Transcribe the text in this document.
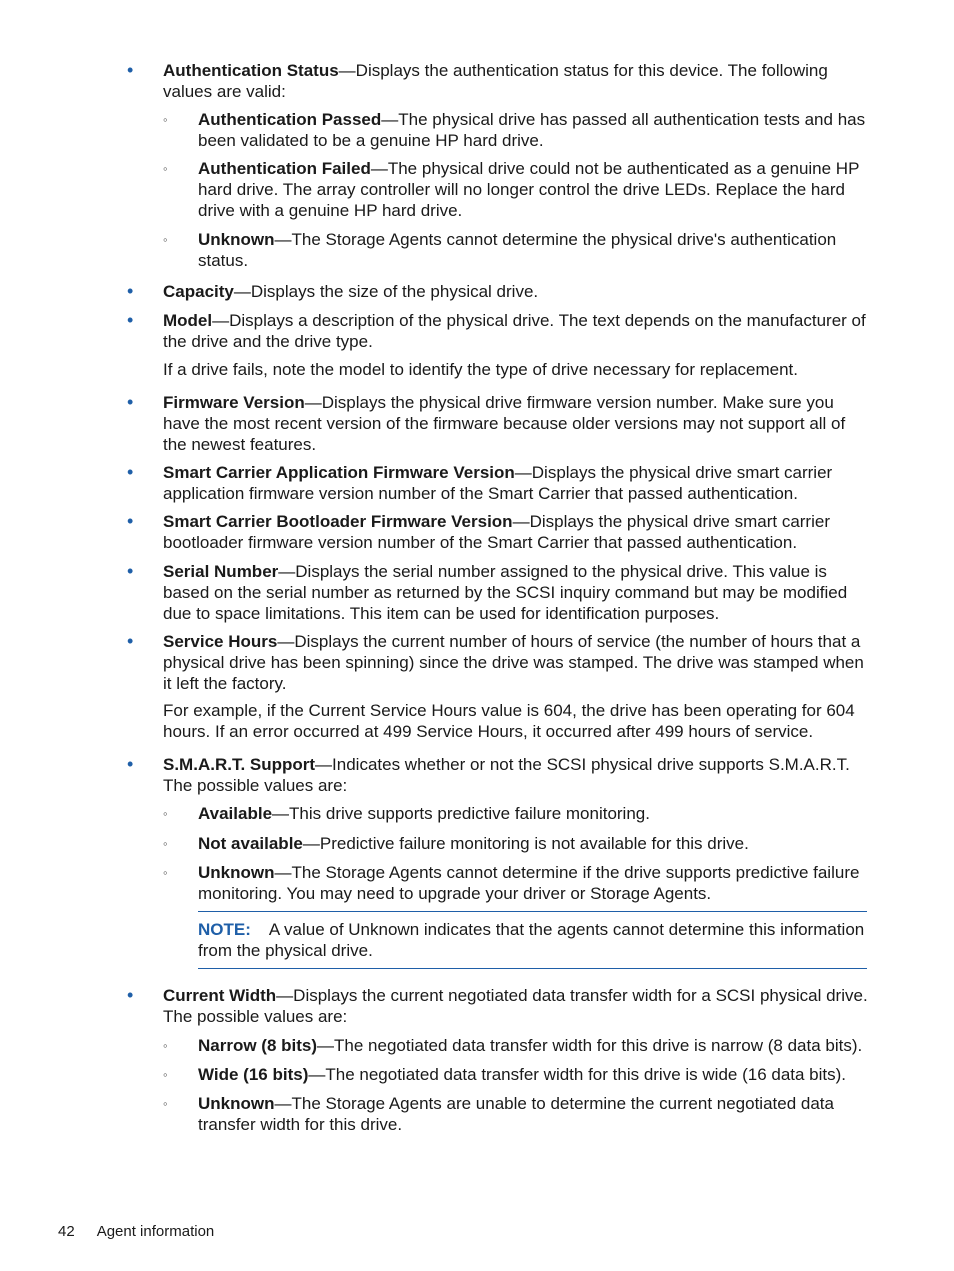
• Authentication Status—Displays the authentication status for this device. The following values are valid:
◦ Authentication Passed—The physical drive has passed all authentication tests and has been validated to be a genuine HP hard drive.
◦ Authentication Failed—The physical drive could not be authenticated as a genuine HP hard drive. The array controller will no longer control the drive LEDs. Replace the hard drive with a genuine HP hard drive.
◦ Unknown—The Storage Agents cannot determine the physical drive's authentication status.
• Capacity—Displays the size of the physical drive.
• Model—Displays a description of the physical drive. The text depends on the manufacturer of the drive and the drive type.
If a drive fails, note the model to identify the type of drive necessary for replacement.
• Firmware Version—Displays the physical drive firmware version number. Make sure you have the most recent version of the firmware because older versions may not support all of the newest features.
• Smart Carrier Application Firmware Version—Displays the physical drive smart carrier application firmware version number of the Smart Carrier that passed authentication.
• Smart Carrier Bootloader Firmware Version—Displays the physical drive smart carrier bootloader firmware version number of the Smart Carrier that passed authentication.
• Serial Number—Displays the serial number assigned to the physical drive. This value is based on the serial number as returned by the SCSI inquiry command but may be modified due to space limitations. This item can be used for identification purposes.
• Service Hours—Displays the current number of hours of service (the number of hours that a physical drive has been spinning) since the drive was stamped. The drive was stamped when it left the factory.
For example, if the Current Service Hours value is 604, the drive has been operating for 604 hours. If an error occurred at 499 Service Hours, it occurred after 499 hours of service.
• S.M.A.R.T. Support—Indicates whether or not the SCSI physical drive supports S.M.A.R.T. The possible values are:
◦ Available—This drive supports predictive failure monitoring.
◦ Not available—Predictive failure monitoring is not available for this drive.
◦ Unknown—The Storage Agents cannot determine if the drive supports predictive failure monitoring. You may need to upgrade your driver or Storage Agents.
NOTE: A value of Unknown indicates that the agents cannot determine this information from the physical drive.
• Current Width—Displays the current negotiated data transfer width for a SCSI physical drive. The possible values are:
◦ Narrow (8 bits)—The negotiated data transfer width for this drive is narrow (8 data bits).
◦ Wide (16 bits)—The negotiated data transfer width for this drive is wide (16 data bits).
◦ Unknown—The Storage Agents are unable to determine the current negotiated data transfer width for this drive.
42 Agent information
